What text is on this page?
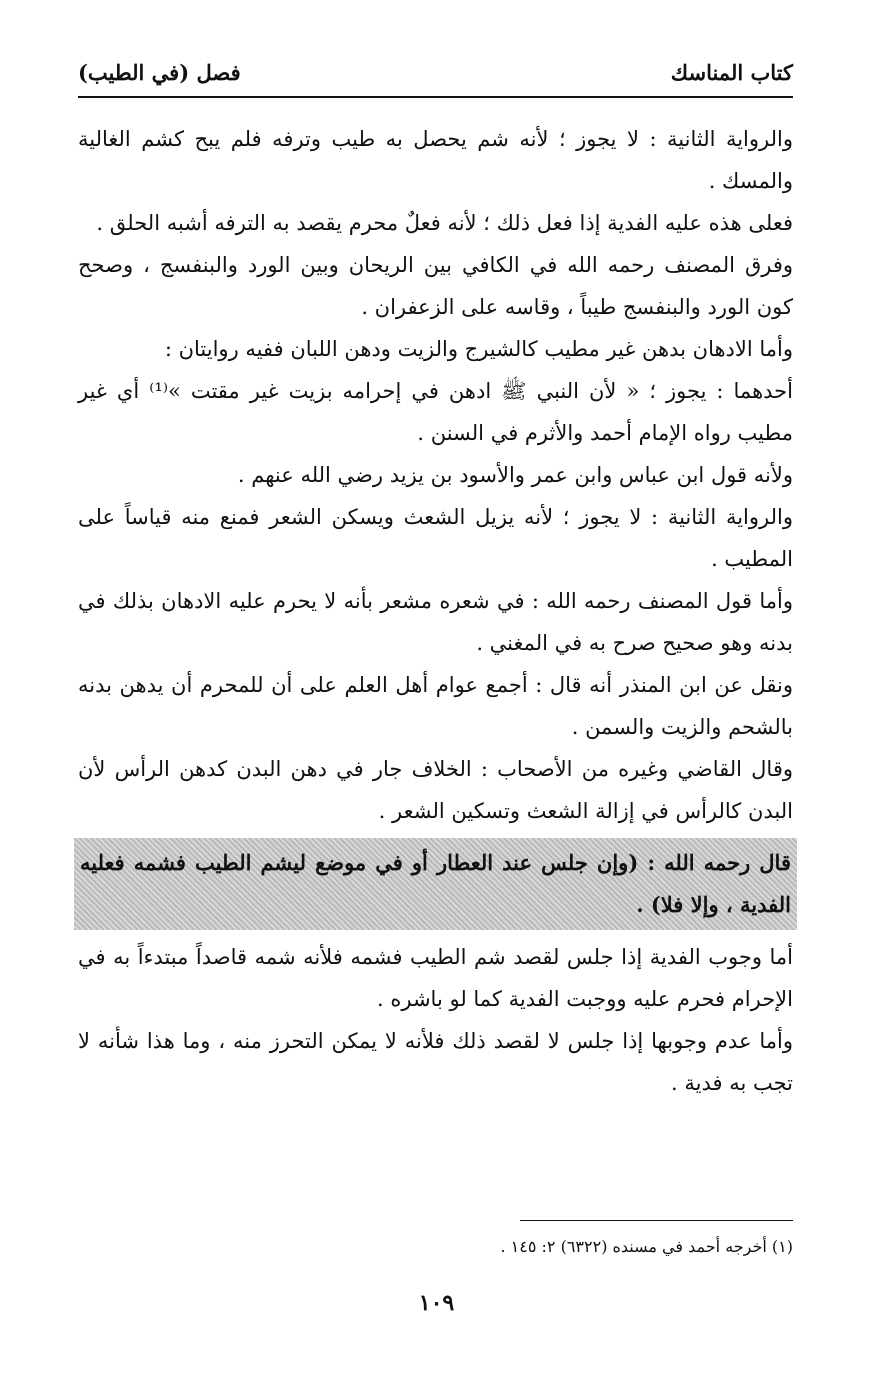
كتاب المناسك
فصل (في الطيب)

والرواية الثانية : لا يجوز ؛ لأنه شم يحصل به طيب وترفه فلم يبح كشم الغالية والمسك .

فعلى هذه عليه الفدية إذا فعل ذلك ؛ لأنه فعلٌ محرم يقصد به الترفه أشبه الحلق .

وفرق المصنف رحمه الله في الكافي بين الريحان وبين الورد والبنفسج ، وصحح كون الورد والبنفسج طيباً ، وقاسه على الزعفران .

وأما الادهان بدهن غير مطيب كالشيرج والزيت ودهن اللبان ففيه روايتان :

أحدهما : يجوز ؛ « لأن النبي ﷺ ادهن في إحرامه بزيت غير مقتت »⁽¹⁾ أي غير مطيب رواه الإمام أحمد والأثرم في السنن .

ولأنه قول ابن عباس وابن عمر والأسود بن يزيد رضي الله عنهم .

والرواية الثانية : لا يجوز ؛ لأنه يزيل الشعث ويسكن الشعر فمنع منه قياساً على المطيب .

وأما قول المصنف رحمه الله : في شعره مشعر بأنه لا يحرم عليه الادهان بذلك في بدنه وهو صحيح صرح به في المغني .

ونقل عن ابن المنذر أنه قال : أجمع عوام أهل العلم على أن للمحرم أن يدهن بدنه بالشحم والزيت والسمن .

وقال القاضي وغيره من الأصحاب : الخلاف جار في دهن البدن كدهن الرأس لأن البدن كالرأس في إزالة الشعث وتسكين الشعر .

قال رحمه الله : (وإن جلس عند العطار أو في موضع ليشم الطيب فشمه فعليه الفدية ، وإلا فلا) .

أما وجوب الفدية إذا جلس لقصد شم الطيب فشمه فلأنه شمه قاصداً مبتدءاً به في الإحرام فحرم عليه ووجبت الفدية كما لو باشره .

وأما عدم وجوبها إذا جلس لا لقصد ذلك فلأنه لا يمكن التحرز منه ، وما هذا شأنه لا تجب به فدية .

(١) أخرجه أحمد في مسنده (٦٣٢٢) ٢: ١٤٥ .
١٠٩
